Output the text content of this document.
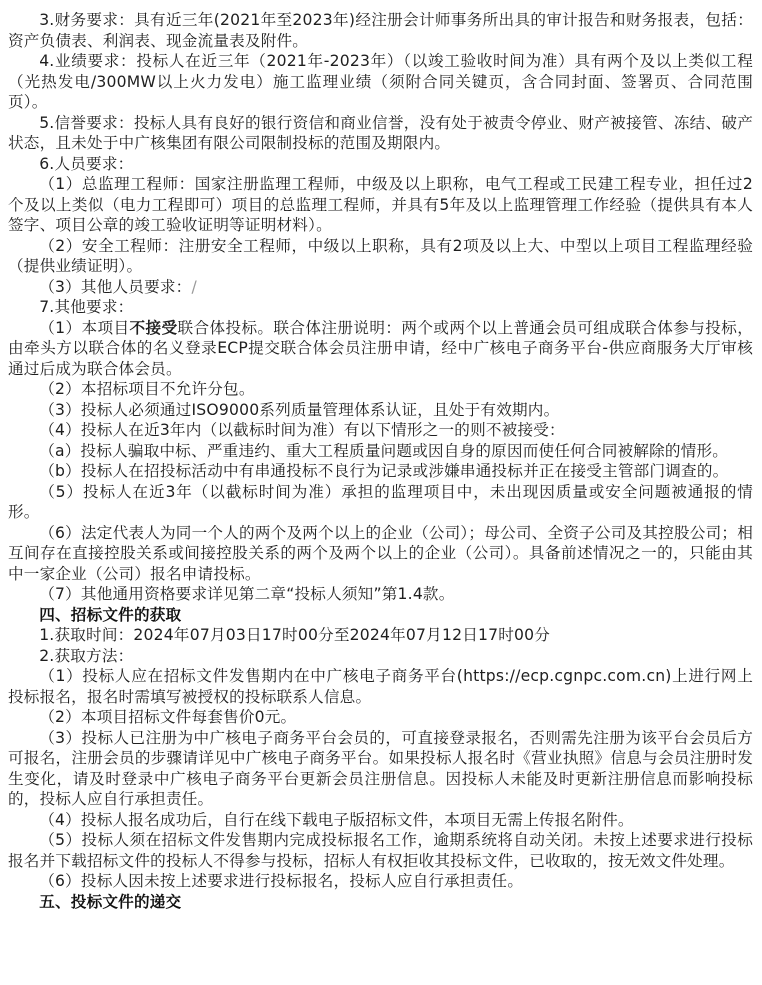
3.财务要求：具有近三年(2021年至2023年)经注册会计师事务所出具的审计报告和财务报表，包括：资产负债表、利润表、现金流量表及附件。

4.业绩要求：投标人在近三年（2021年-2023年）（以竣工验收时间为准）具有两个及以上类似工程（光热发电/300MW以上火力发电）施工监理业绩（须附合同关键页，含合同封面、签署页、合同范围页）。

5.信誉要求：投标人具有良好的银行资信和商业信誉，没有处于被责令停业、财产被接管、冻结、破产状态，且未处于中广核集团有限公司限制投标的范围及期限内。

6.人员要求：

（1）总监理工程师：国家注册监理工程师，中级及以上职称，电气工程或工民建工程专业，担任过2个及以上类似（电力工程即可）项目的总监理工程师，并具有5年及以上监理管理工作经验（提供具有本人签字、项目公章的竣工验收证明等证明材料）。

（2）安全工程师：注册安全工程师，中级以上职称，具有2项及以上大、中型以上项目工程监理经验（提供业绩证明）。

（3）其他人员要求：/

7.其他要求：

（1）本项目不接受联合体投标。联合体注册说明：两个或两个以上普通会员可组成联合体参与投标，由牵头方以联合体的名义登录ECP提交联合体会员注册申请，经中广核电子商务平台-供应商服务大厅审核通过后成为联合体会员。

（2）本招标项目不允许分包。

（3）投标人必须通过ISO9000系列质量管理体系认证，且处于有效期内。

（4）投标人在近3年内（以截标时间为准）有以下情形之一的则不被接受：

（a）投标人骗取中标、严重违约、重大工程质量问题或因自身的原因而使任何合同被解除的情形。

（b）投标人在招投标活动中有串通投标不良行为记录或涉嫌串通投标并正在接受主管部门调查的。

（5）投标人在近3年（以截标时间为准）承担的监理项目中，未出现因质量或安全问题被通报的情形。

（6）法定代表人为同一个人的两个及两个以上的企业（公司）；母公司、全资子公司及其控股公司；相互间存在直接控股关系或间接控股关系的两个及两个以上的企业（公司）。具备前述情况之一的，只能由其中一家企业（公司）报名申请投标。

（7）其他通用资格要求详见第二章“投标人须知”第1.4款。

四、招标文件的获取

1.获取时间：2024年07月03日17时00分至2024年07月12日17时00分

2.获取方法：

（1）投标人应在招标文件发售期内在中广核电子商务平台(https://ecp.cgnpc.com.cn)上进行网上投标报名，报名时需填写被授权的投标联系人信息。

（2）本项目招标文件每套售价0元。

（3）投标人已注册为中广核电子商务平台会员的，可直接登录报名，否则需先注册为该平台会员后方可报名，注册会员的步骤请详见中广核电子商务平台。如果投标人报名时《营业执照》信息与会员注册时发生变化，请及时登录中广核电子商务平台更新会员注册信息。因投标人未能及时更新注册信息而影响投标的，投标人应自行承担责任。

（4）投标人报名成功后，自行在线下载电子版招标文件，本项目无需上传报名附件。

（5）投标人须在招标文件发售期内完成投标报名工作，逾期系统将自动关闭。未按上述要求进行投标报名并下载招标文件的投标人不得参与投标，招标人有权拒收其投标文件，已收取的，按无效文件处理。

（6）投标人因未按上述要求进行投标报名，投标人应自行承担责任。

五、投标文件的递交
